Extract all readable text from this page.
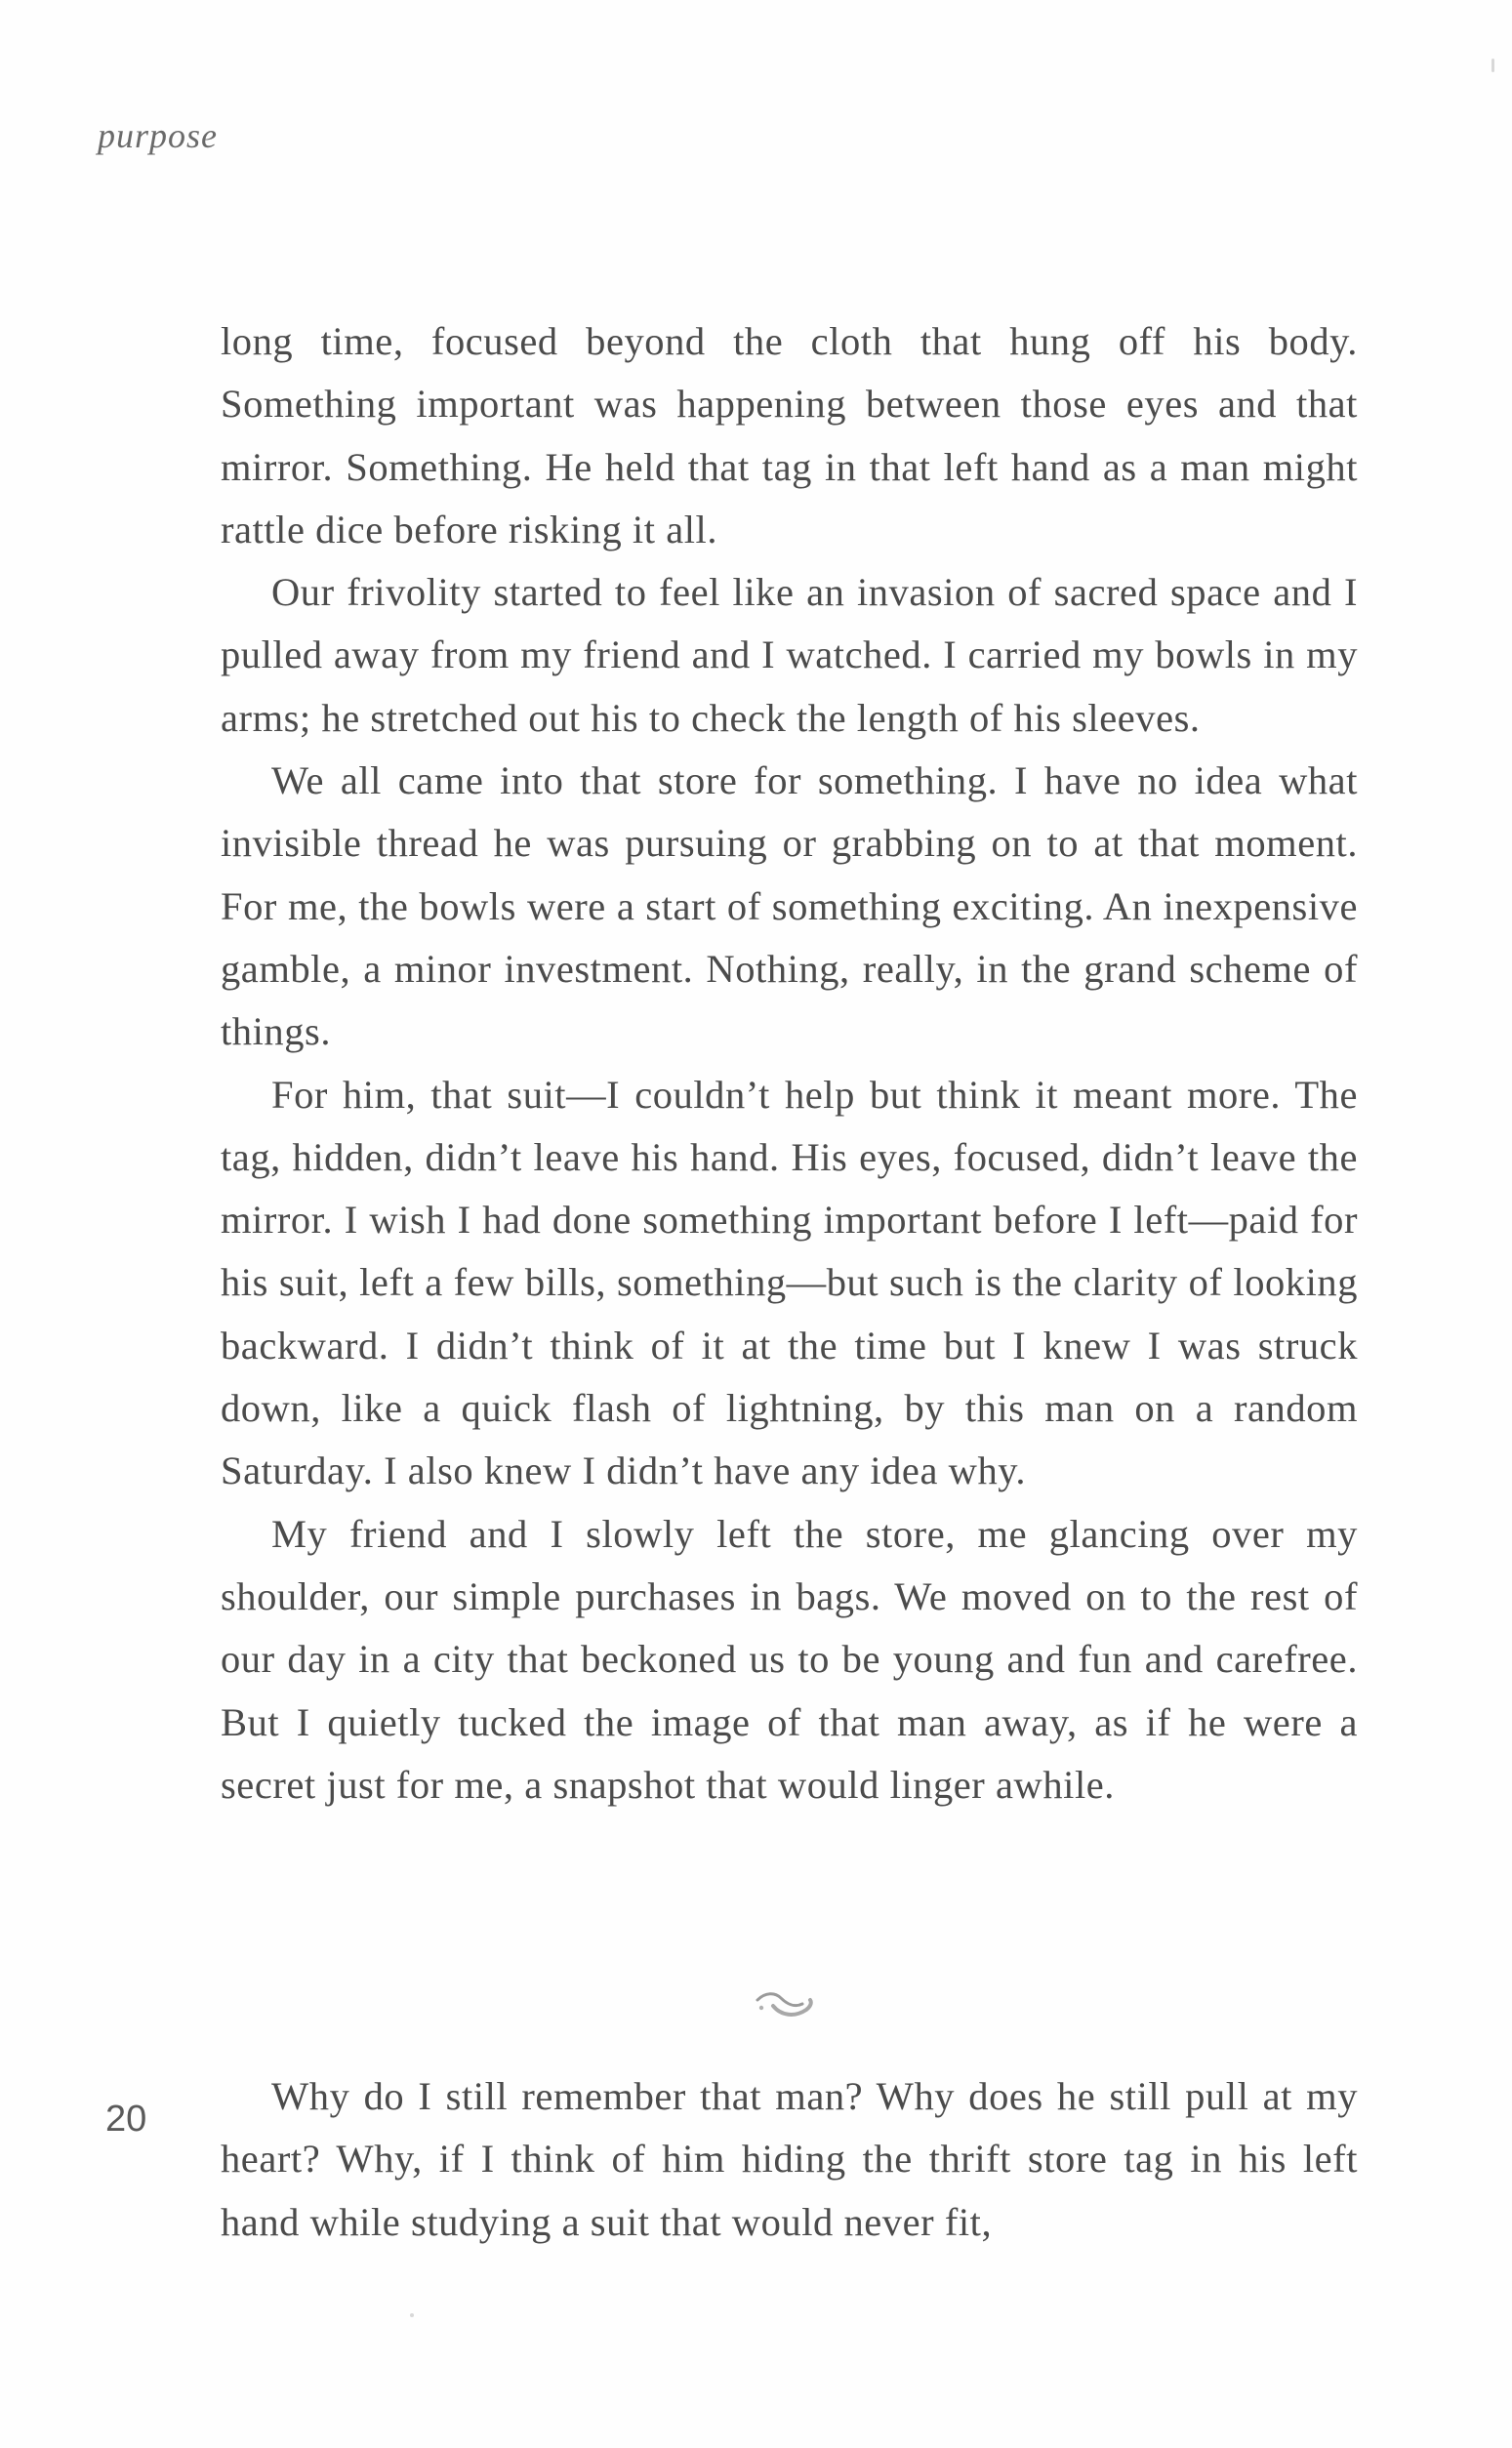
purpose

long time, focused beyond the cloth that hung off his body. Something important was happening between those eyes and that mirror. Something. He held that tag in that left hand as a man might rattle dice before risking it all.

Our frivolity started to feel like an invasion of sacred space and I pulled away from my friend and I watched. I carried my bowls in my arms; he stretched out his to check the length of his sleeves.

We all came into that store for something. I have no idea what invisible thread he was pursuing or grabbing on to at that moment. For me, the bowls were a start of something exciting. An inexpensive gamble, a minor investment. Nothing, really, in the grand scheme of things.

For him, that suit—I couldn’t help but think it meant more. The tag, hidden, didn’t leave his hand. His eyes, focused, didn’t leave the mirror. I wish I had done something important before I left—paid for his suit, left a few bills, something—but such is the clarity of looking backward. I didn’t think of it at the time but I knew I was struck down, like a quick flash of lightning, by this man on a random Saturday. I also knew I didn’t have any idea why.

My friend and I slowly left the store, me glancing over my shoulder, our simple purchases in bags. We moved on to the rest of our day in a city that beckoned us to be young and fun and carefree. But I quietly tucked the image of that man away, as if he were a secret just for me, a snapshot that would linger awhile.

20

Why do I still remember that man? Why does he still pull at my heart? Why, if I think of him hiding the thrift store tag in his left hand while studying a suit that would never fit,
